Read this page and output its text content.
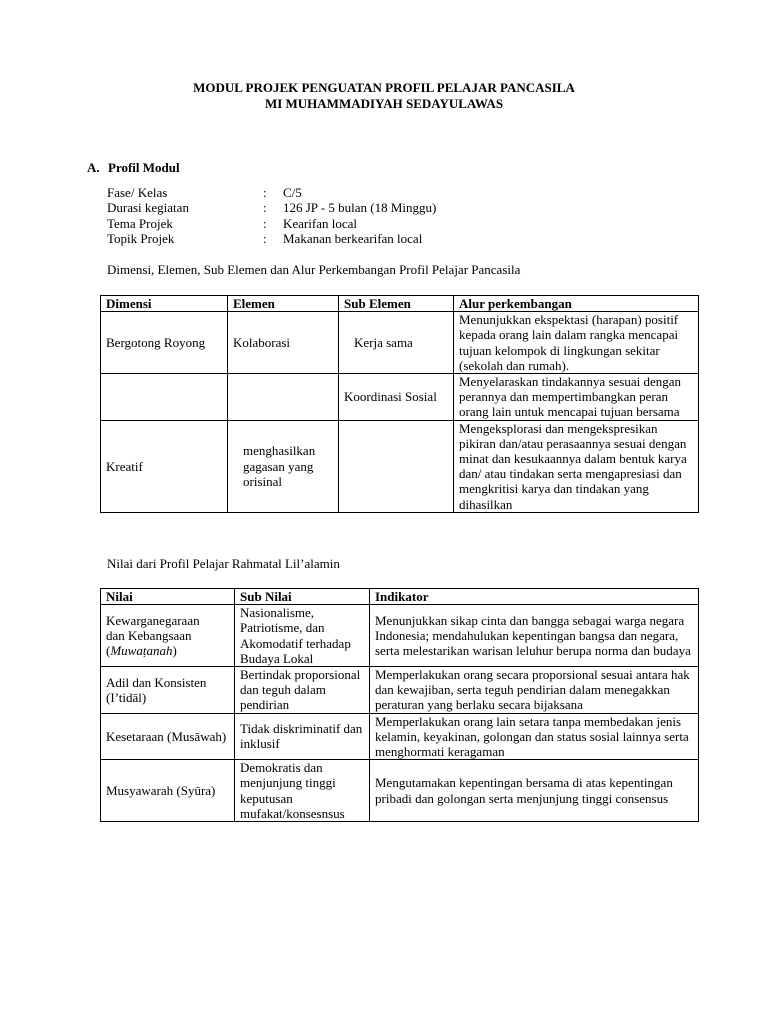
MODUL PROJEK PENGUATAN PROFIL PELAJAR PANCASILA
MI MUHAMMADIYAH SEDAYULAWAS
A. Profil Modul
Fase/ Kelas	:	C/5
Durasi kegiatan	:	126 JP - 5 bulan (18 Minggu)
Tema Projek	:	Kearifan local
Topik Projek	:	Makanan berkearifan local
Dimensi, Elemen, Sub Elemen dan Alur Perkembangan Profil Pelajar Pancasila
Dimensi	Elemen	Sub Elemen	Alur perkembangan
Bergotong Royong	Kolaborasi	Kerja sama	Menunjukkan ekspektasi (harapan) positif kepada orang lain dalam rangka mencapai tujuan kelompok di lingkungan sekitar (sekolah dan rumah).
		Koordinasi Sosial	Menyelaraskan tindakannya sesuai dengan perannya dan mempertimbangkan peran orang lain untuk mencapai tujuan bersama
Kreatif	menghasilkan gagasan yang orisinal		Mengeksplorasi dan mengekspresikan pikiran dan/atau perasaannya sesuai dengan minat dan kesukaannya dalam bentuk karya dan/ atau tindakan serta mengapresiasi dan mengkritisi karya dan tindakan yang dihasilkan
Nilai dari Profil Pelajar Rahmatal Lil’alamin
Nilai	Sub Nilai	Indikator
Kewarganegaraan
dan Kebangsaan
(Muwaṭanah)	Nasionalisme, Patriotisme, dan Akomodatif terhadap Budaya Lokal	Menunjukkan sikap cinta dan bangga sebagai warga negara Indonesia; mendahulukan kepentingan bangsa dan negara, serta melestarikan warisan leluhur berupa norma dan budaya
Adil dan Konsisten (I’tidāl)	Bertindak proporsional dan teguh dalam pendirian	Memperlakukan orang secara proporsional sesuai antara hak dan kewajiban, serta teguh pendirian dalam menegakkan peraturan yang berlaku secara bijaksana
Kesetaraan (Musāwah)	Tidak diskriminatif dan inklusif	Memperlakukan orang lain setara tanpa membedakan jenis kelamin, keyakinan, golongan dan status sosial lainnya serta menghormati keragaman
Musyawarah (Syūra)	Demokratis dan menjunjung tinggi keputusan mufakat/konsesnsus	Mengutamakan kepentingan bersama di atas kepentingan pribadi dan golongan serta menjunjung tinggi consensus
